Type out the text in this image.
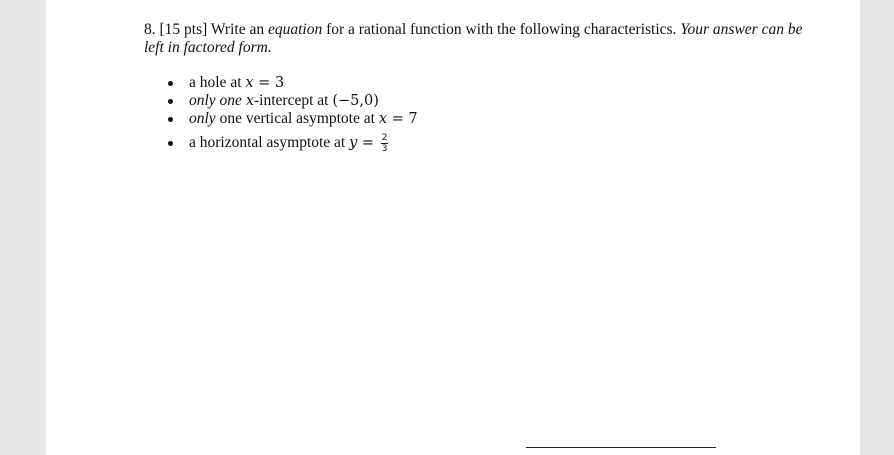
8. [15 pts] Write an equation for a rational function with the following characteristics. Your answer can be left in factored form.
a hole at x = 3
only one x-intercept at (−5,0)
only one vertical asymptote at x = 7
a horizontal asymptote at $y = \frac{2}{3}$
